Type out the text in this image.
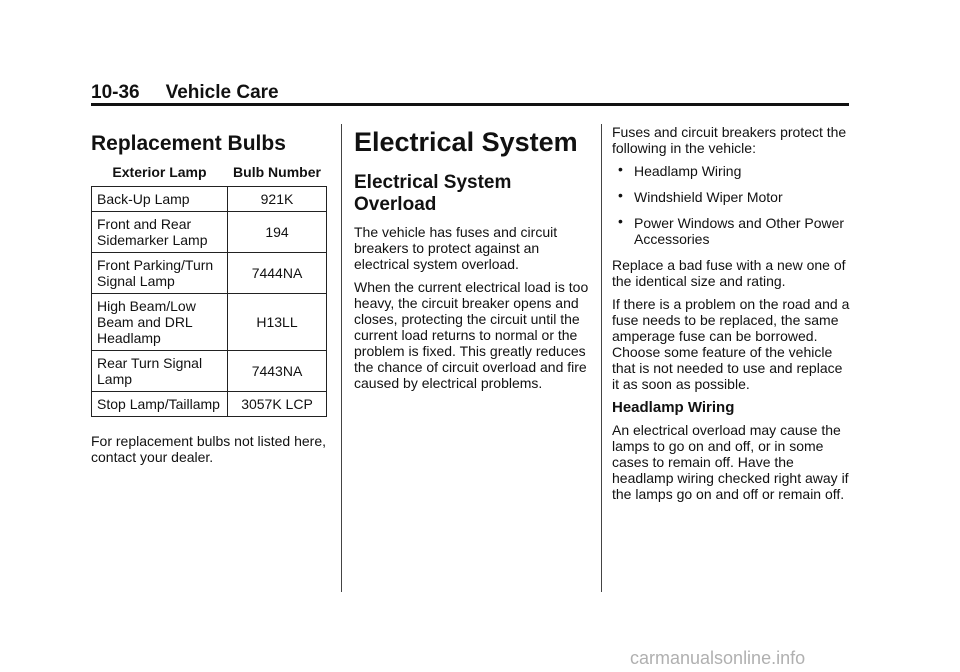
10-36 Vehicle Care
Replacement Bulbs
Exterior Lamp	Bulb Number
Back-Up Lamp	921K
Front and Rear Sidemarker Lamp	194
Front Parking/Turn Signal Lamp	7444NA
High Beam/Low Beam and DRL Headlamp	H13LL
Rear Turn Signal Lamp	7443NA
Stop Lamp/Taillamp	3057K LCP

For replacement bulbs not listed here, contact your dealer.

Electrical System
Electrical System Overload

The vehicle has fuses and circuit breakers to protect against an electrical system overload.

When the current electrical load is too heavy, the circuit breaker opens and closes, protecting the circuit until the current load returns to normal or the problem is fixed. This greatly reduces the chance of circuit overload and fire caused by electrical problems.

Fuses and circuit breakers protect the following in the vehicle:

• Headlamp Wiring
• Windshield Wiper Motor
• Power Windows and Other Power Accessories

Replace a bad fuse with a new one of the identical size and rating.

If there is a problem on the road and a fuse needs to be replaced, the same amperage fuse can be borrowed. Choose some feature of the vehicle that is not needed to use and replace it as soon as possible.

Headlamp Wiring

An electrical overload may cause the lamps to go on and off, or in some cases to remain off. Have the headlamp wiring checked right away if the lamps go on and off or remain off.

carmanualsonline.info
